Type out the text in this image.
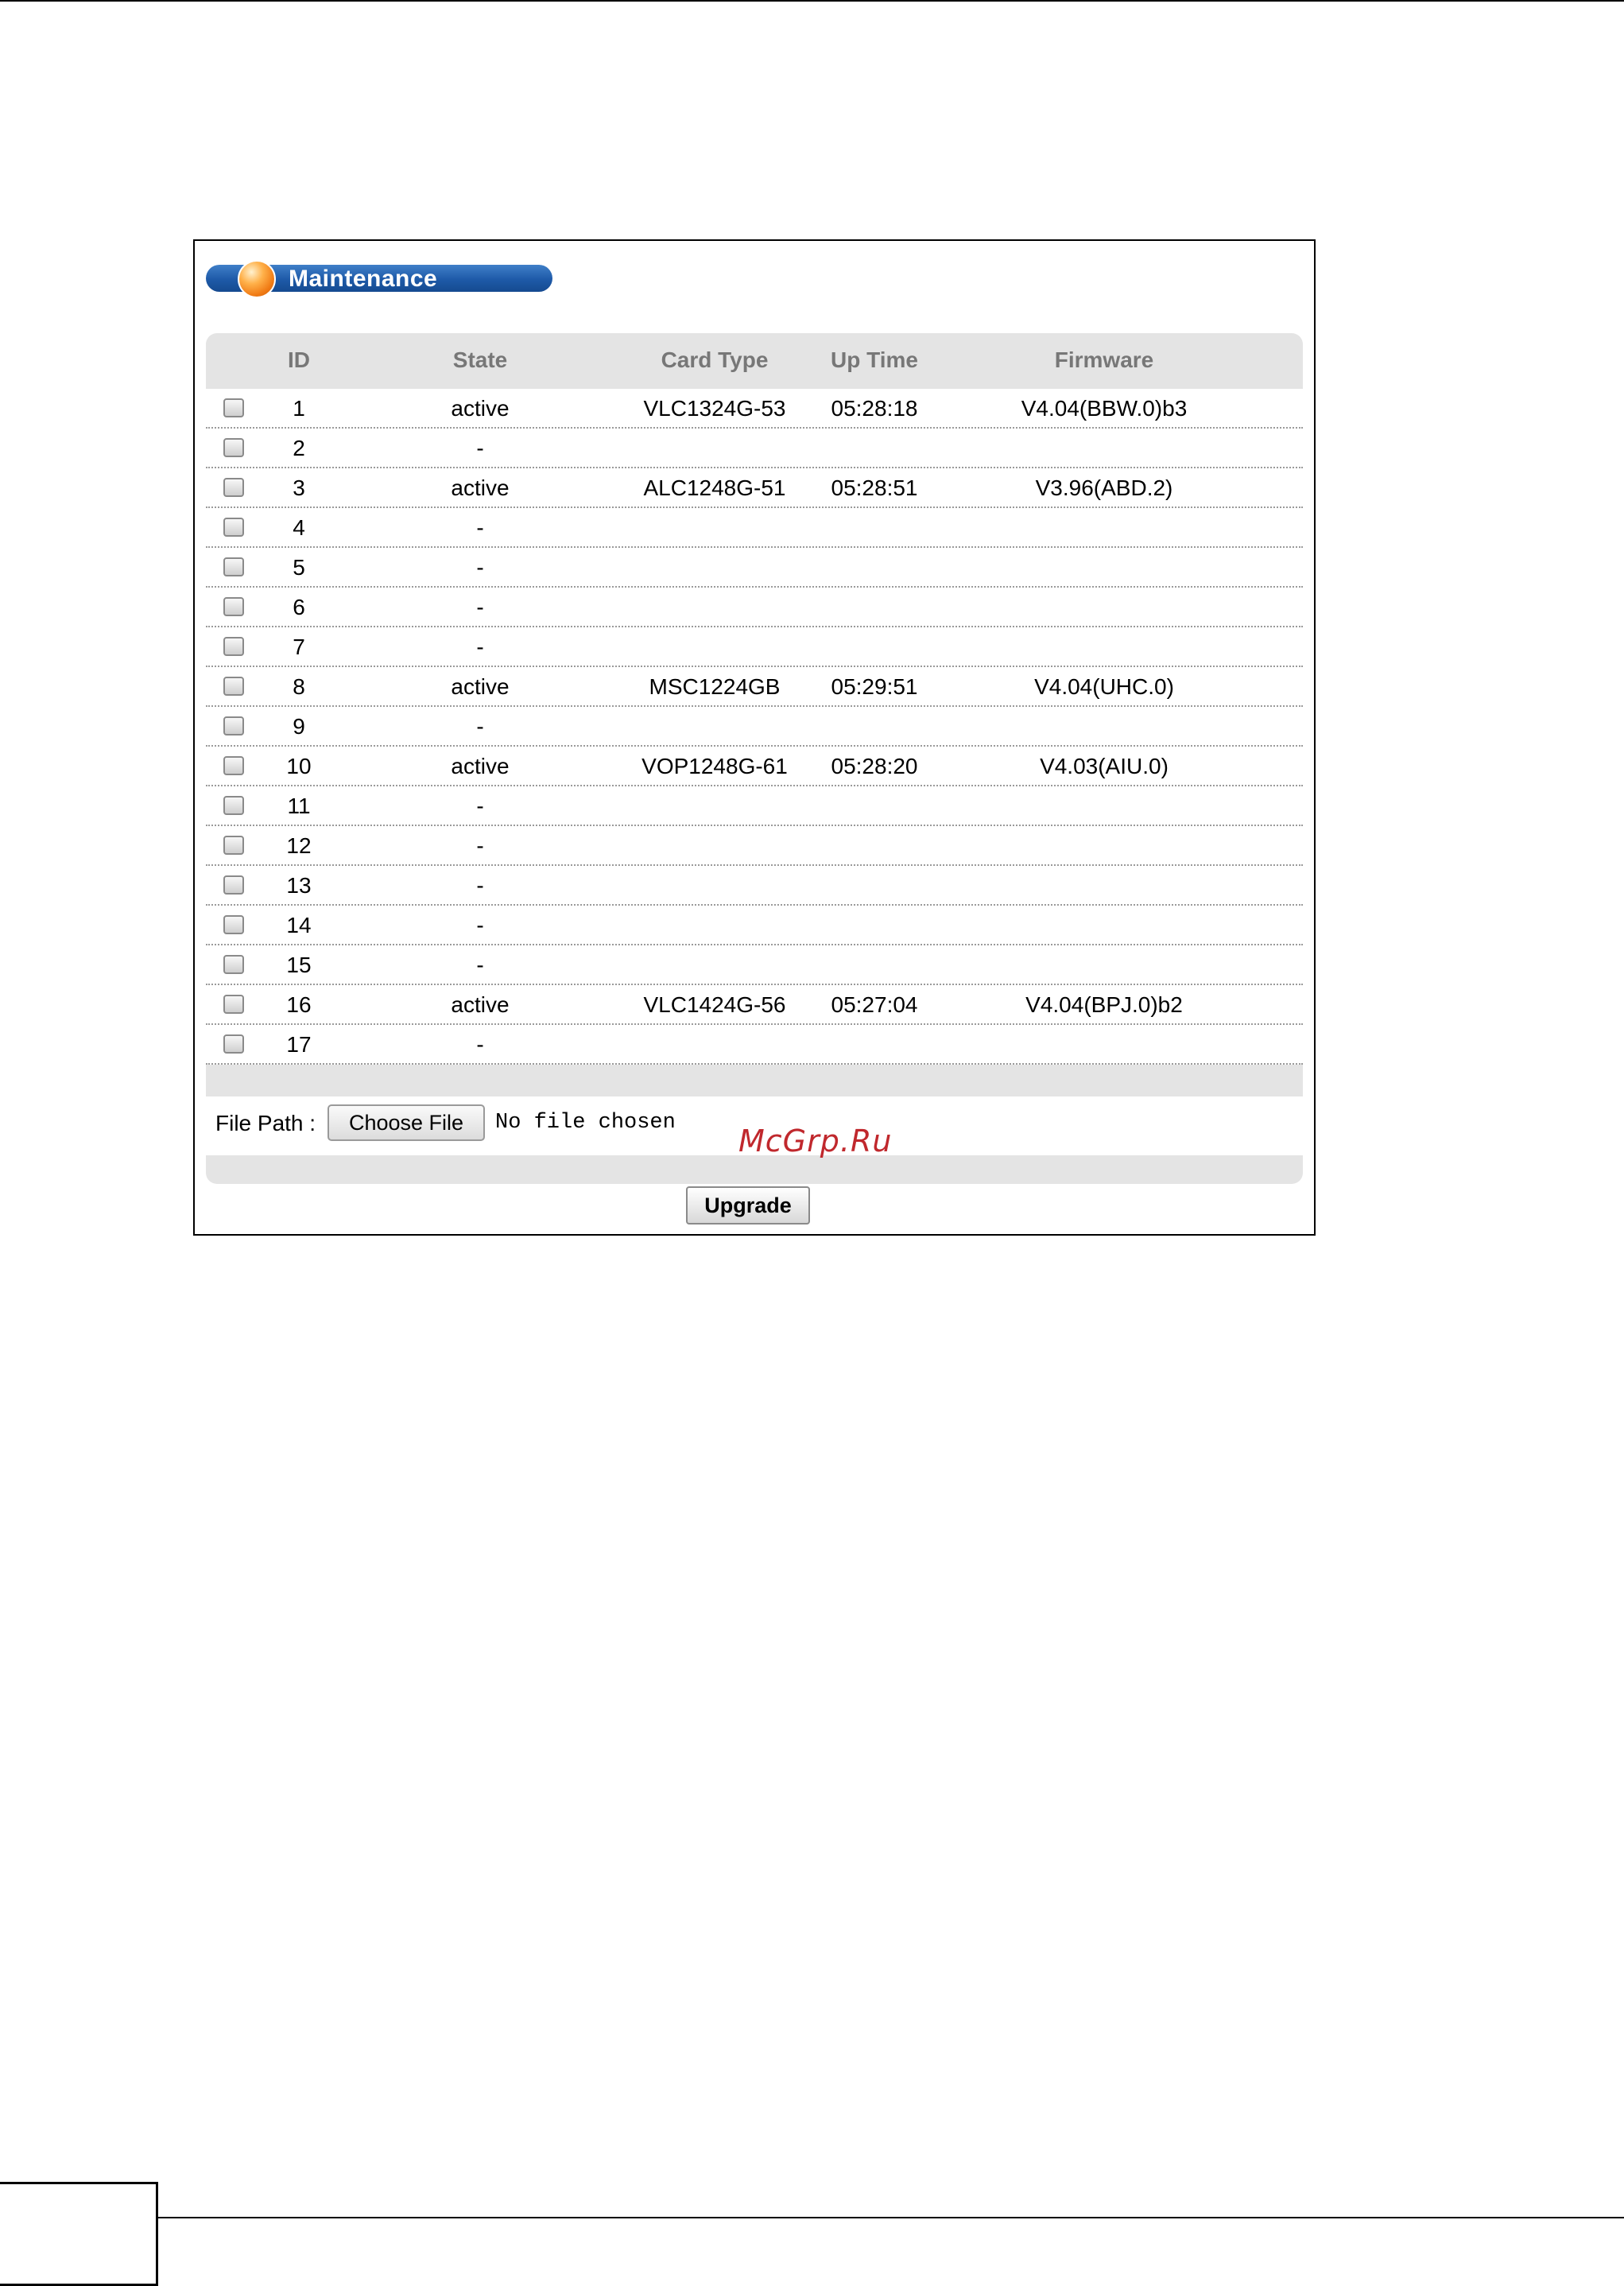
Maintenance
ID	State	Card Type	Up Time	Firmware
1	active	VLC1324G-53	05:28:18	V4.04(BBW.0)b3
2	-
3	active	ALC1248G-51	05:28:51	V3.96(ABD.2)
4	-
5	-
6	-
7	-
8	active	MSC1224GB	05:29:51	V4.04(UHC.0)
9	-
10	active	VOP1248G-61	05:28:20	V4.03(AIU.0)
11	-
12	-
13	-
14	-
15	-
16	active	VLC1424G-56	05:27:04	V4.04(BPJ.0)b2
17	-
File Path :	Choose File	No file chosen
McGrp.Ru
Upgrade
